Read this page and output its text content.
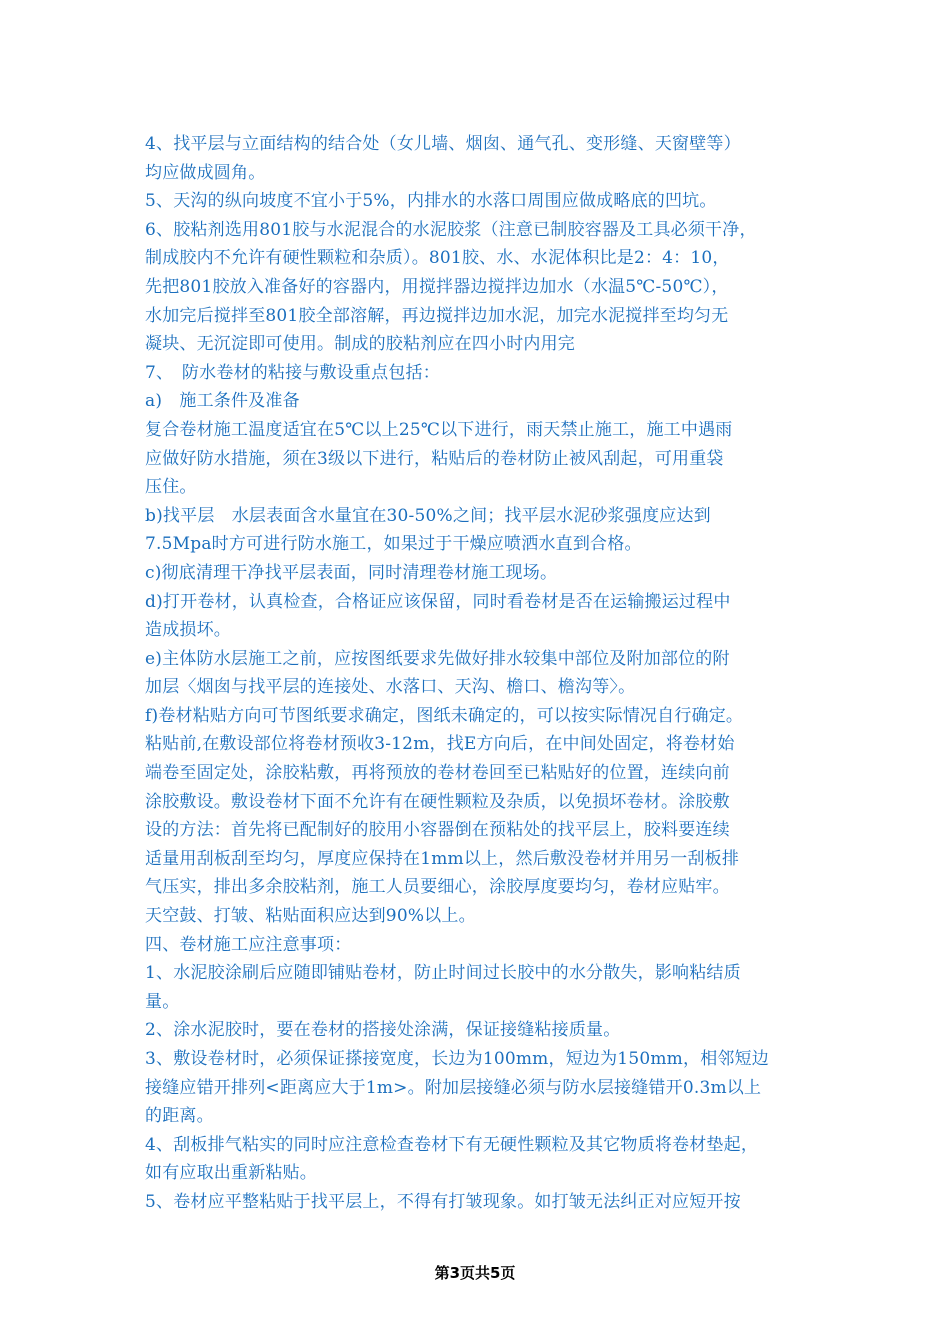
4、找平层与立面结构的结合处（女儿墙、烟囱、通气孔、变形缝、天窗壁等）
均应做成圆角。
5、天沟的纵向坡度不宜小于5%，内排水的水落口周围应做成略底的凹坑。
6、胶粘剂选用801胶与水泥混合的水泥胶浆（注意已制胶容器及工具必须干净，
制成胶内不允许有硬性颗粒和杂质）。801胶、水、水泥体积比是2：4：10，
先把801胶放入准备好的容器内，用搅拌器边搅拌边加水（水温5℃-50℃），
水加完后搅拌至801胶全部溶解，再边搅拌边加水泥，加完水泥搅拌至均匀无
凝块、无沉淀即可使用。制成的胶粘剂应在四小时内用完
7、　防水卷材的粘接与敷设重点包括：
a)　施工条件及准备
复合卷材施工温度适宜在5℃以上25℃以下进行，雨天禁止施工，施工中遇雨
应做好防水措施，须在3级以下进行，粘贴后的卷材防止被风刮起，可用重袋
压住。
b)找平层　水层表面含水量宜在30-50%之间；找平层水泥砂浆强度应达到
7.5Mpa时方可进行防水施工，如果过于干燥应喷洒水直到合格。
c)彻底清理干净找平层表面，同时清理卷材施工现场。
d)打开卷材，认真检查，合格证应该保留，同时看卷材是否在运输搬运过程中
造成损坏。
e)主体防水层施工之前，应按图纸要求先做好排水较集中部位及附加部位的附
加层〈烟囱与找平层的连接处、水落口、天沟、檐口、檐沟等〉。
f)卷材粘贴方向可节图纸要求确定，图纸未确定的，可以按实际情况自行确定。
粘贴前,在敷设部位将卷材预收3-12m，找E方向后，在中间处固定，将卷材始
端卷至固定处，涂胶粘敷，再将预放的卷材卷回至已粘贴好的位置，连续向前
涂胶敷设。敷设卷材下面不允许有在硬性颗粒及杂质，以免损坏卷材。涂胶敷
设的方法：首先将已配制好的胶用小容器倒在预粘处的找平层上，胶料要连续
适量用刮板刮至均匀，厚度应保持在1mm以上，然后敷没卷材并用另一刮板排
气压实，排出多余胶粘剂，施工人员要细心，涂胶厚度要均匀，卷材应贴牢。
天空鼓、打皱、粘贴面积应达到90%以上。
四、卷材施工应注意事项：
1、水泥胶涂刷后应随即铺贴卷材，防止时间过长胶中的水分散失，影响粘结质
量。
2、涂水泥胶时，要在卷材的搭接处涂满，保证接缝粘接质量。
3、敷设卷材时，必须保证搽接宽度，长边为100mm，短边为150mm，相邻短边
接缝应错开排列<距离应大于1m>。附加层接缝必须与防水层接缝错开0.3m以上
的距离。
4、刮板排气粘实的同时应注意检查卷材下有无硬性颗粒及其它物质将卷材垫起，
如有应取出重新粘贴。
5、卷材应平整粘贴于找平层上，不得有打皱现象。如打皱无法纠正对应短开按
第3页共5页
